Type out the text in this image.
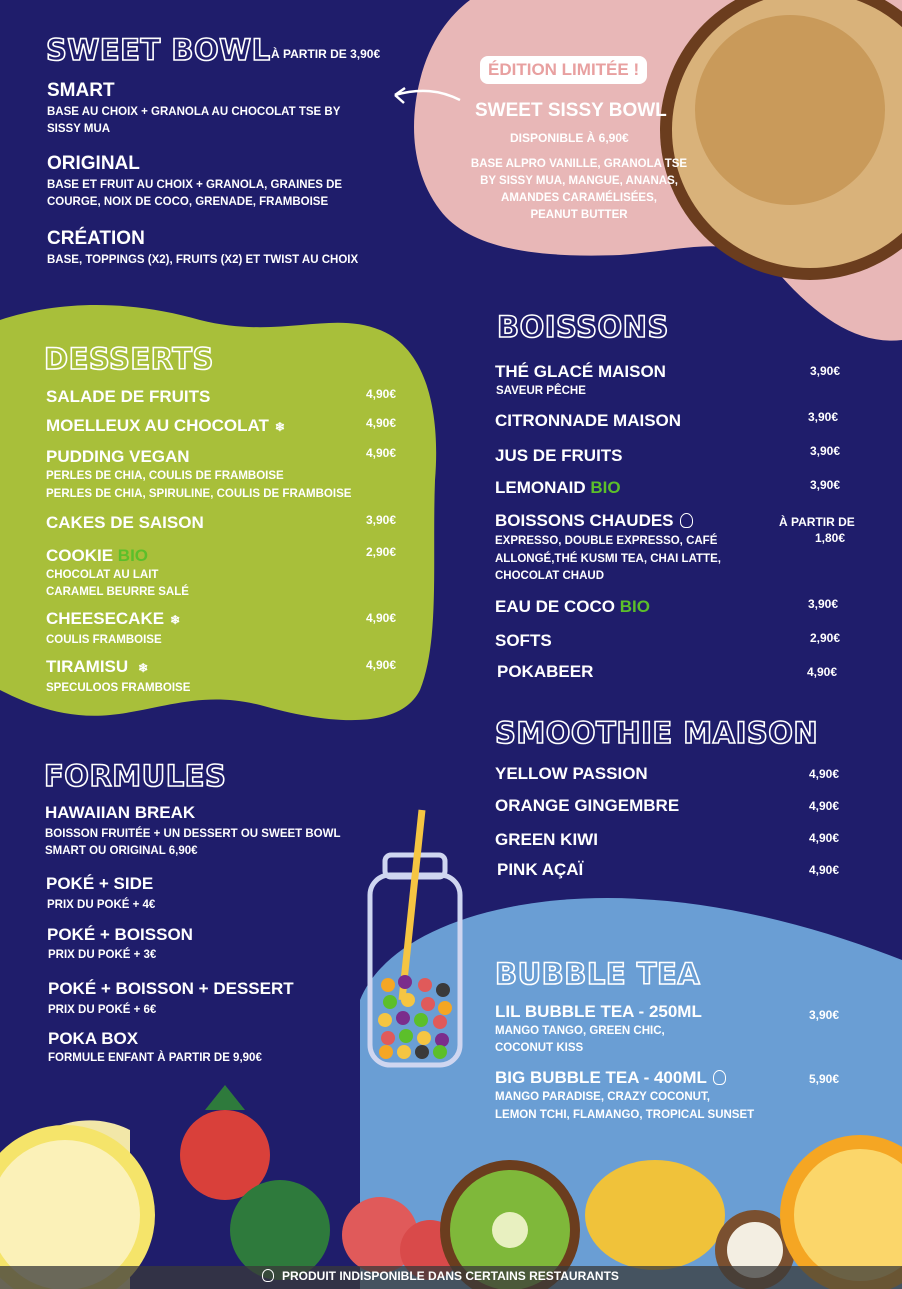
SWEET BOWL À PARTIR DE 3,90€
SMART
BASE AU CHOIX + GRANOLA AU CHOCOLAT TSE BY
SISSY MUA
ORIGINAL
BASE ET FRUIT AU CHOIX + GRANOLA, GRAINES DE
COURGE, NOIX DE COCO, GRENADE, FRAMBOISE
CRÉATION
BASE, TOPPINGS (X2), FRUITS (X2) ET TWIST AU CHOIX
ÉDITION LIMITÉE !
SWEET SISSY BOWL
DISPONIBLE À 6,90€
BASE ALPRO VANILLE, GRANOLA TSE
BY SISSY MUA, MANGUE, ANANAS,
AMANDES CARAMÉLISÉES,
PEANUT BUTTER
DESSERTS
SALADE DE FRUITS	4,90€
MOELLEUX AU CHOCOLAT ❄	4,90€
PUDDING VEGAN	4,90€
PERLES DE CHIA, COULIS DE FRAMBOISE
PERLES DE CHIA, SPIRULINE, COULIS DE FRAMBOISE
CAKES DE SAISON	3,90€
COOKIE BIO	2,90€
CHOCOLAT AU LAIT
CARAMEL BEURRE SALÉ
CHEESECAKE ❄	4,90€
COULIS FRAMBOISE
TIRAMISU ❄	4,90€
SPECULOOS FRAMBOISE
BOISSONS
THÉ GLACÉ MAISON	3,90€
SAVEUR PÊCHE
CITRONNADE MAISON	3,90€
JUS DE FRUITS	3,90€
LEMONAID BIO	3,90€
BOISSONS CHAUDES	À PARTIR DE
1,80€
EXPRESSO, DOUBLE EXPRESSO, CAFÉ
ALLONGÉ,THÉ KUSMI TEA, CHAI LATTE,
CHOCOLAT CHAUD
EAU DE COCO BIO	3,90€
SOFTS	2,90€
POKABEER	4,90€
SMOOTHIE MAISON
YELLOW PASSION	4,90€
ORANGE GINGEMBRE	4,90€
GREEN KIWI	4,90€
PINK AÇAÏ	4,90€
FORMULES
HAWAIIAN BREAK
BOISSON FRUITÉE + UN DESSERT OU SWEET BOWL
SMART OU ORIGINAL 6,90€
POKÉ + SIDE
PRIX DU POKÉ + 4€
POKÉ + BOISSON
PRIX DU POKÉ + 3€
POKÉ + BOISSON + DESSERT
PRIX DU POKÉ + 6€
POKA BOX
FORMULE ENFANT À PARTIR DE 9,90€
BUBBLE TEA
LIL BUBBLE TEA - 250ML	3,90€
MANGO TANGO, GREEN CHIC,
COCONUT KISS
BIG BUBBLE TEA - 400ML	5,90€
MANGO PARADISE, CRAZY COCONUT,
LEMON TCHI, FLAMANGO, TROPICAL SUNSET
PRODUIT INDISPONIBLE DANS CERTAINS RESTAURANTS
